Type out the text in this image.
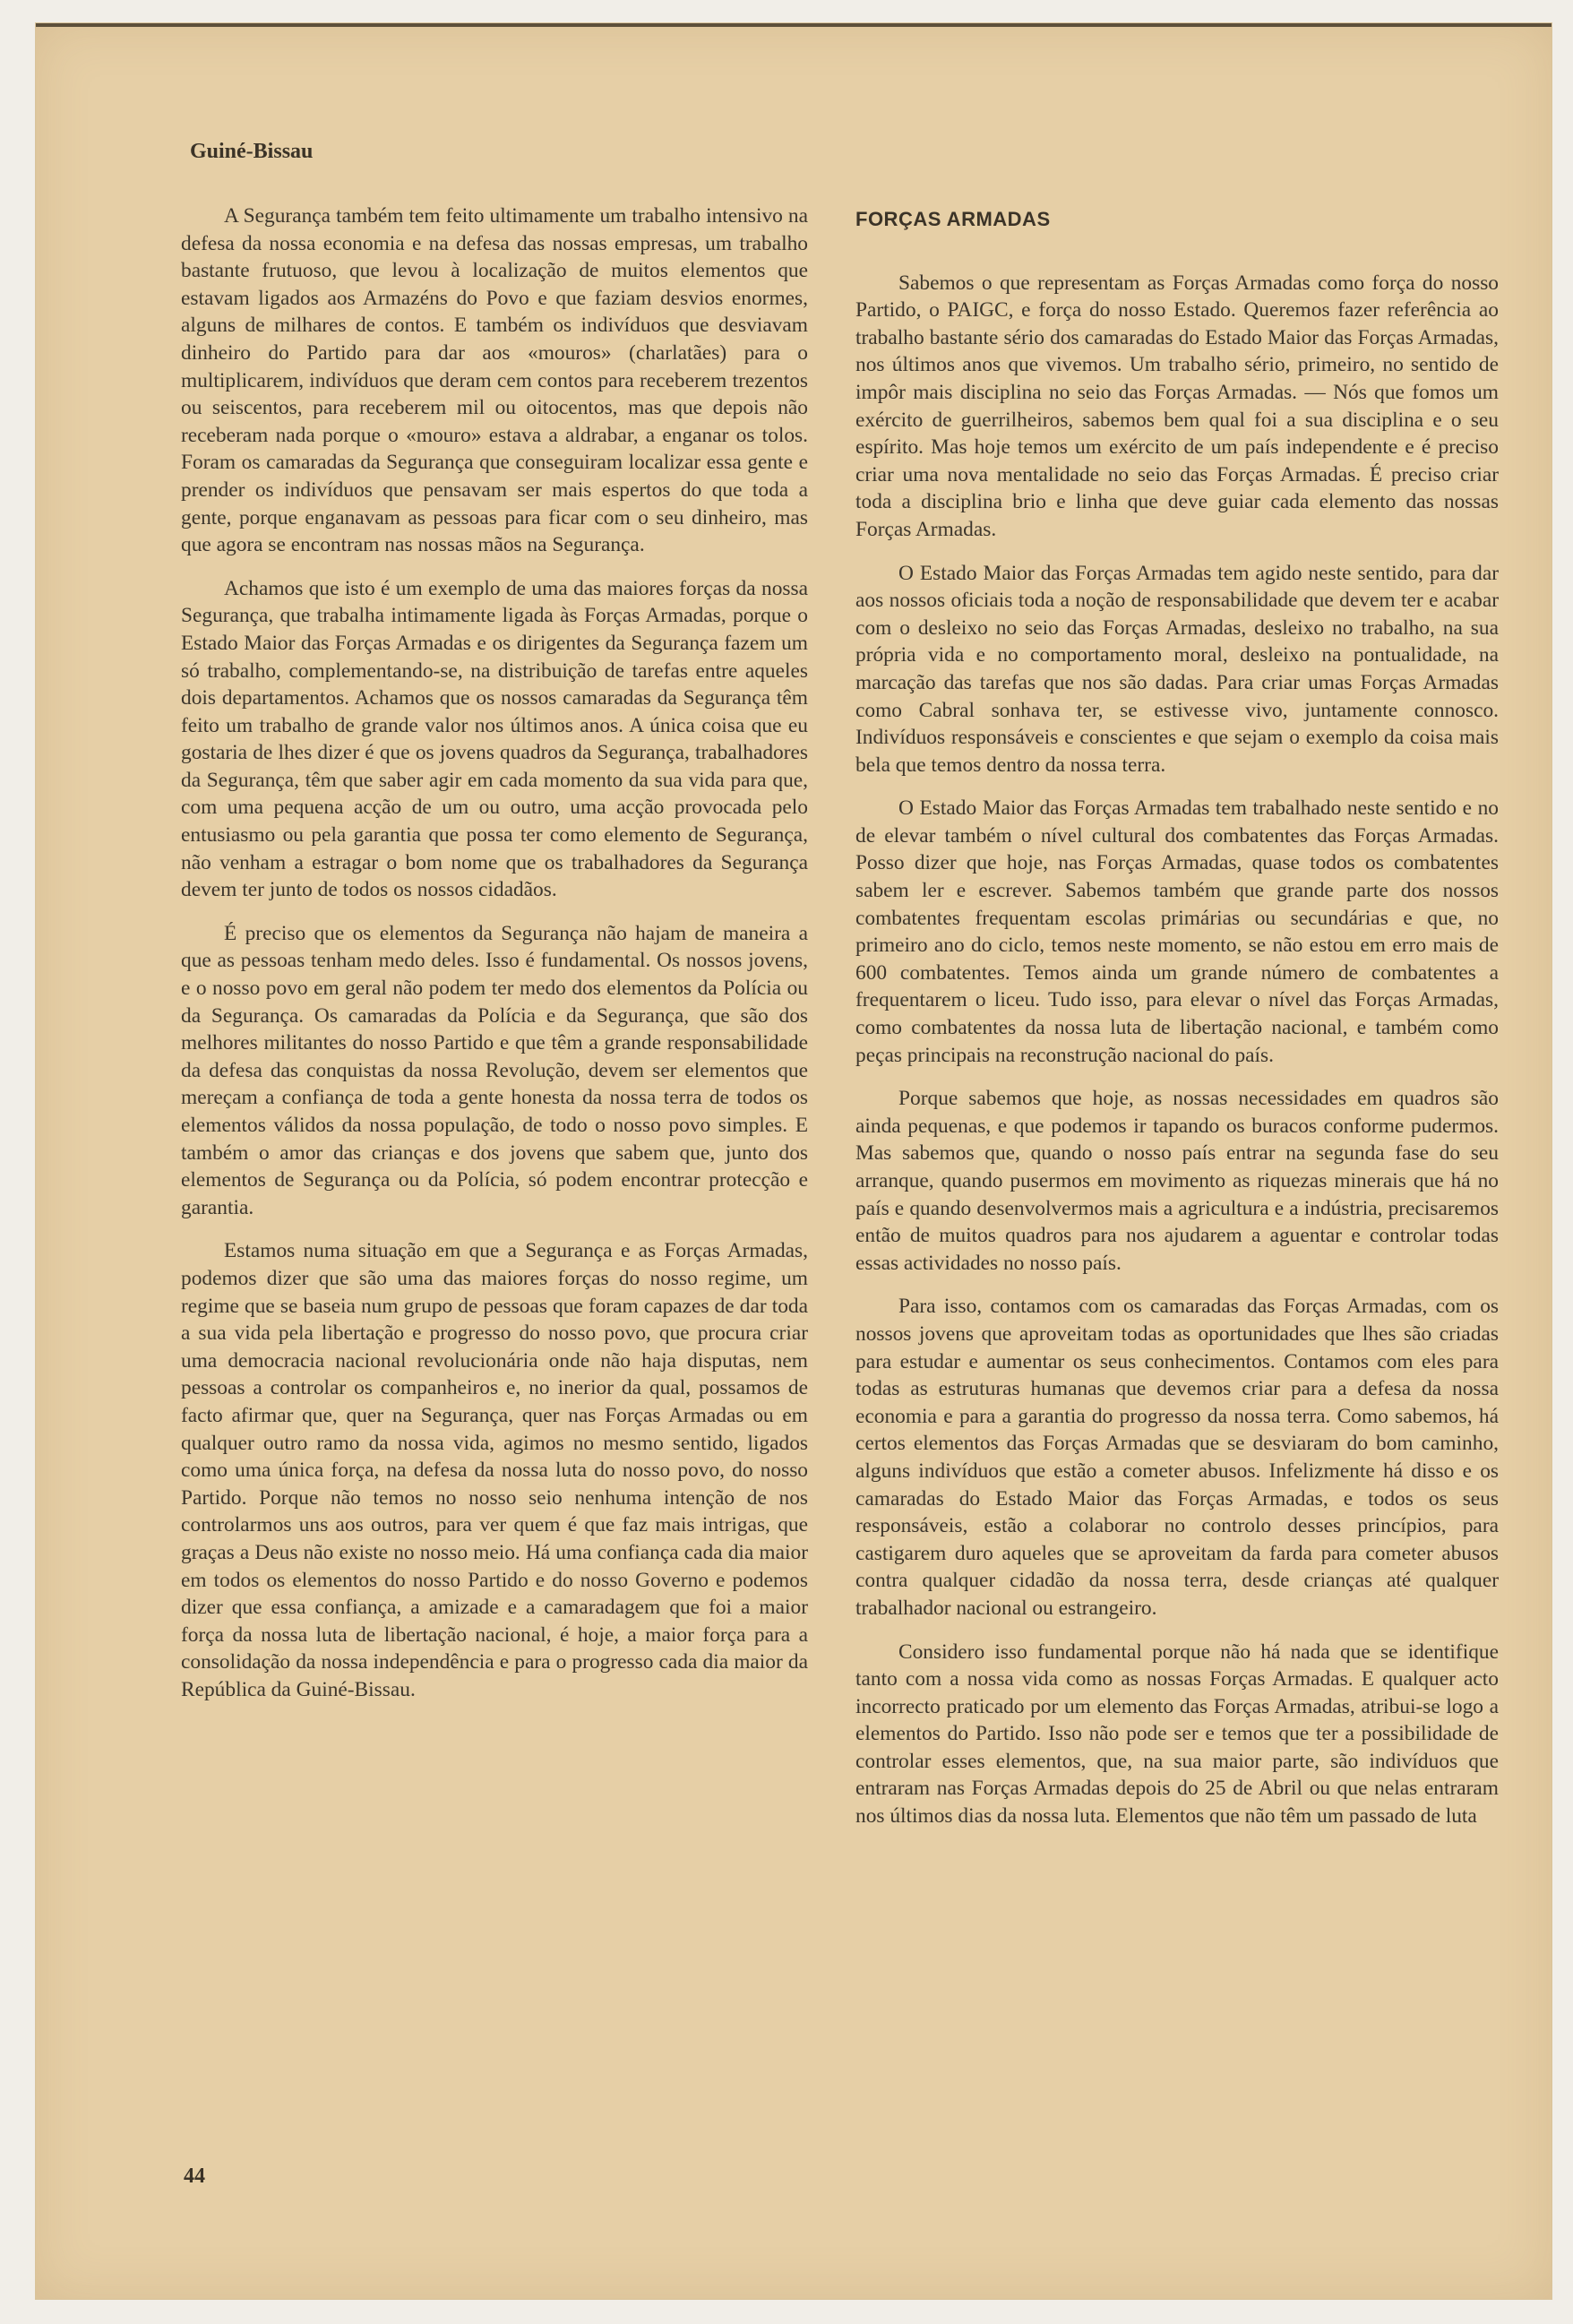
Guiné-Bissau

A Segurança também tem feito ultimamente um trabalho intensivo na defesa da nossa economia e na defesa das nossas empresas, um trabalho bastante frutuoso, que levou à localização de muitos elementos que estavam ligados aos Armazéns do Povo e que faziam desvios enormes, alguns de milhares de contos. E também os indivíduos que desviavam dinheiro do Partido para dar aos «mouros» (charlatães) para o multiplicarem, indivíduos que deram cem contos para receberem trezentos ou seiscentos, para receberem mil ou oitocentos, mas que depois não receberam nada porque o «mouro» estava a aldrabar, a enganar os tolos. Foram os camaradas da Segurança que conseguiram localizar essa gente e prender os indivíduos que pensavam ser mais espertos do que toda a gente, porque enganavam as pessoas para ficar com o seu dinheiro, mas que agora se encontram nas nossas mãos na Segurança.

Achamos que isto é um exemplo de uma das maiores forças da nossa Segurança, que trabalha intimamente ligada às Forças Armadas, porque o Estado Maior das Forças Armadas e os dirigentes da Segurança fazem um só trabalho, complementando-se, na distribuição de tarefas entre aqueles dois departamentos. Achamos que os nossos camaradas da Segurança têm feito um trabalho de grande valor nos últimos anos. A única coisa que eu gostaria de lhes dizer é que os jovens quadros da Segurança, trabalhadores da Segurança, têm que saber agir em cada momento da sua vida para que, com uma pequena acção de um ou outro, uma acção provocada pelo entusiasmo ou pela garantia que possa ter como elemento de Segurança, não venham a estragar o bom nome que os trabalhadores da Segurança devem ter junto de todos os nossos cidadãos.

É preciso que os elementos da Segurança não hajam de maneira a que as pessoas tenham medo deles. Isso é fundamental. Os nossos jovens, e o nosso povo em geral não podem ter medo dos elementos da Polícia ou da Segurança. Os camaradas da Polícia e da Segurança, que são dos melhores militantes do nosso Partido e que têm a grande responsabilidade da defesa das conquistas da nossa Revolução, devem ser elementos que mereçam a confiança de toda a gente honesta da nossa terra de todos os elementos válidos da nossa população, de todo o nosso povo simples. E também o amor das crianças e dos jovens que sabem que, junto dos elementos de Segurança ou da Polícia, só podem encontrar protecção e garantia.

Estamos numa situação em que a Segurança e as Forças Armadas, podemos dizer que são uma das maiores forças do nosso regime, um regime que se baseia num grupo de pessoas que foram capazes de dar toda a sua vida pela libertação e progresso do nosso povo, que procura criar uma democracia nacional revolucionária onde não haja disputas, nem pessoas a controlar os companheiros e, no inerior da qual, possamos de facto afirmar que, quer na Segurança, quer nas Forças Armadas ou em qualquer outro ramo da nossa vida, agimos no mesmo sentido, ligados como uma única força, na defesa da nossa luta do nosso povo, do nosso Partido. Porque não temos no nosso seio nenhuma intenção de nos controlarmos uns aos outros, para ver quem é que faz mais intrigas, que graças a Deus não existe no nosso meio. Há uma confiança cada dia maior em todos os elementos do nosso Partido e do nosso Governo e podemos dizer que essa confiança, a amizade e a camaradagem que foi a maior força da nossa luta de libertação nacional, é hoje, a maior força para a consolidação da nossa independência e para o progresso cada dia maior da República da Guiné-Bissau.

FORÇAS ARMADAS

Sabemos o que representam as Forças Armadas como força do nosso Partido, o PAIGC, e força do nosso Estado. Queremos fazer referência ao trabalho bastante sério dos camaradas do Estado Maior das Forças Armadas, nos últimos anos que vivemos. Um trabalho sério, primeiro, no sentido de impôr mais disciplina no seio das Forças Armadas. — Nós que fomos um exército de guerrilheiros, sabemos bem qual foi a sua disciplina e o seu espírito. Mas hoje temos um exército de um país independente e é preciso criar uma nova mentalidade no seio das Forças Armadas. É preciso criar toda a disciplina brio e linha que deve guiar cada elemento das nossas Forças Armadas.

O Estado Maior das Forças Armadas tem agido neste sentido, para dar aos nossos oficiais toda a noção de responsabilidade que devem ter e acabar com o desleixo no seio das Forças Armadas, desleixo no trabalho, na sua própria vida e no comportamento moral, desleixo na pontualidade, na marcação das tarefas que nos são dadas. Para criar umas Forças Armadas como Cabral sonhava ter, se estivesse vivo, juntamente connosco. Indivíduos responsáveis e conscientes e que sejam o exemplo da coisa mais bela que temos dentro da nossa terra.

O Estado Maior das Forças Armadas tem trabalhado neste sentido e no de elevar também o nível cultural dos combatentes das Forças Armadas. Posso dizer que hoje, nas Forças Armadas, quase todos os combatentes sabem ler e escrever. Sabemos também que grande parte dos nossos combatentes frequentam escolas primárias ou secundárias e que, no primeiro ano do ciclo, temos neste momento, se não estou em erro mais de 600 combatentes. Temos ainda um grande número de combatentes a frequentarem o liceu. Tudo isso, para elevar o nível das Forças Armadas, como combatentes da nossa luta de libertação nacional, e também como peças principais na reconstrução nacional do país.

Porque sabemos que hoje, as nossas necessidades em quadros são ainda pequenas, e que podemos ir tapando os buracos conforme pudermos. Mas sabemos que, quando o nosso país entrar na segunda fase do seu arranque, quando pusermos em movimento as riquezas minerais que há no país e quando desenvolvermos mais a agricultura e a indústria, precisaremos então de muitos quadros para nos ajudarem a aguentar e controlar todas essas actividades no nosso país.

Para isso, contamos com os camaradas das Forças Armadas, com os nossos jovens que aproveitam todas as oportunidades que lhes são criadas para estudar e aumentar os seus conhecimentos. Contamos com eles para todas as estruturas humanas que devemos criar para a defesa da nossa economia e para a garantia do progresso da nossa terra. Como sabemos, há certos elementos das Forças Armadas que se desviaram do bom caminho, alguns indivíduos que estão a cometer abusos. Infelizmente há disso e os camaradas do Estado Maior das Forças Armadas, e todos os seus responsáveis, estão a colaborar no controlo desses princípios, para castigarem duro aqueles que se aproveitam da farda para cometer abusos contra qualquer cidadão da nossa terra, desde crianças até qualquer trabalhador nacional ou estrangeiro.

Considero isso fundamental porque não há nada que se identifique tanto com a nossa vida como as nossas Forças Armadas. E qualquer acto incorrecto praticado por um elemento das Forças Armadas, atribui-se logo a elementos do Partido. Isso não pode ser e temos que ter a possibilidade de controlar esses elementos, que, na sua maior parte, são indivíduos que entraram nas Forças Armadas depois do 25 de Abril ou que nelas entraram nos últimos dias da nossa luta. Elementos que não têm um passado de luta

44
